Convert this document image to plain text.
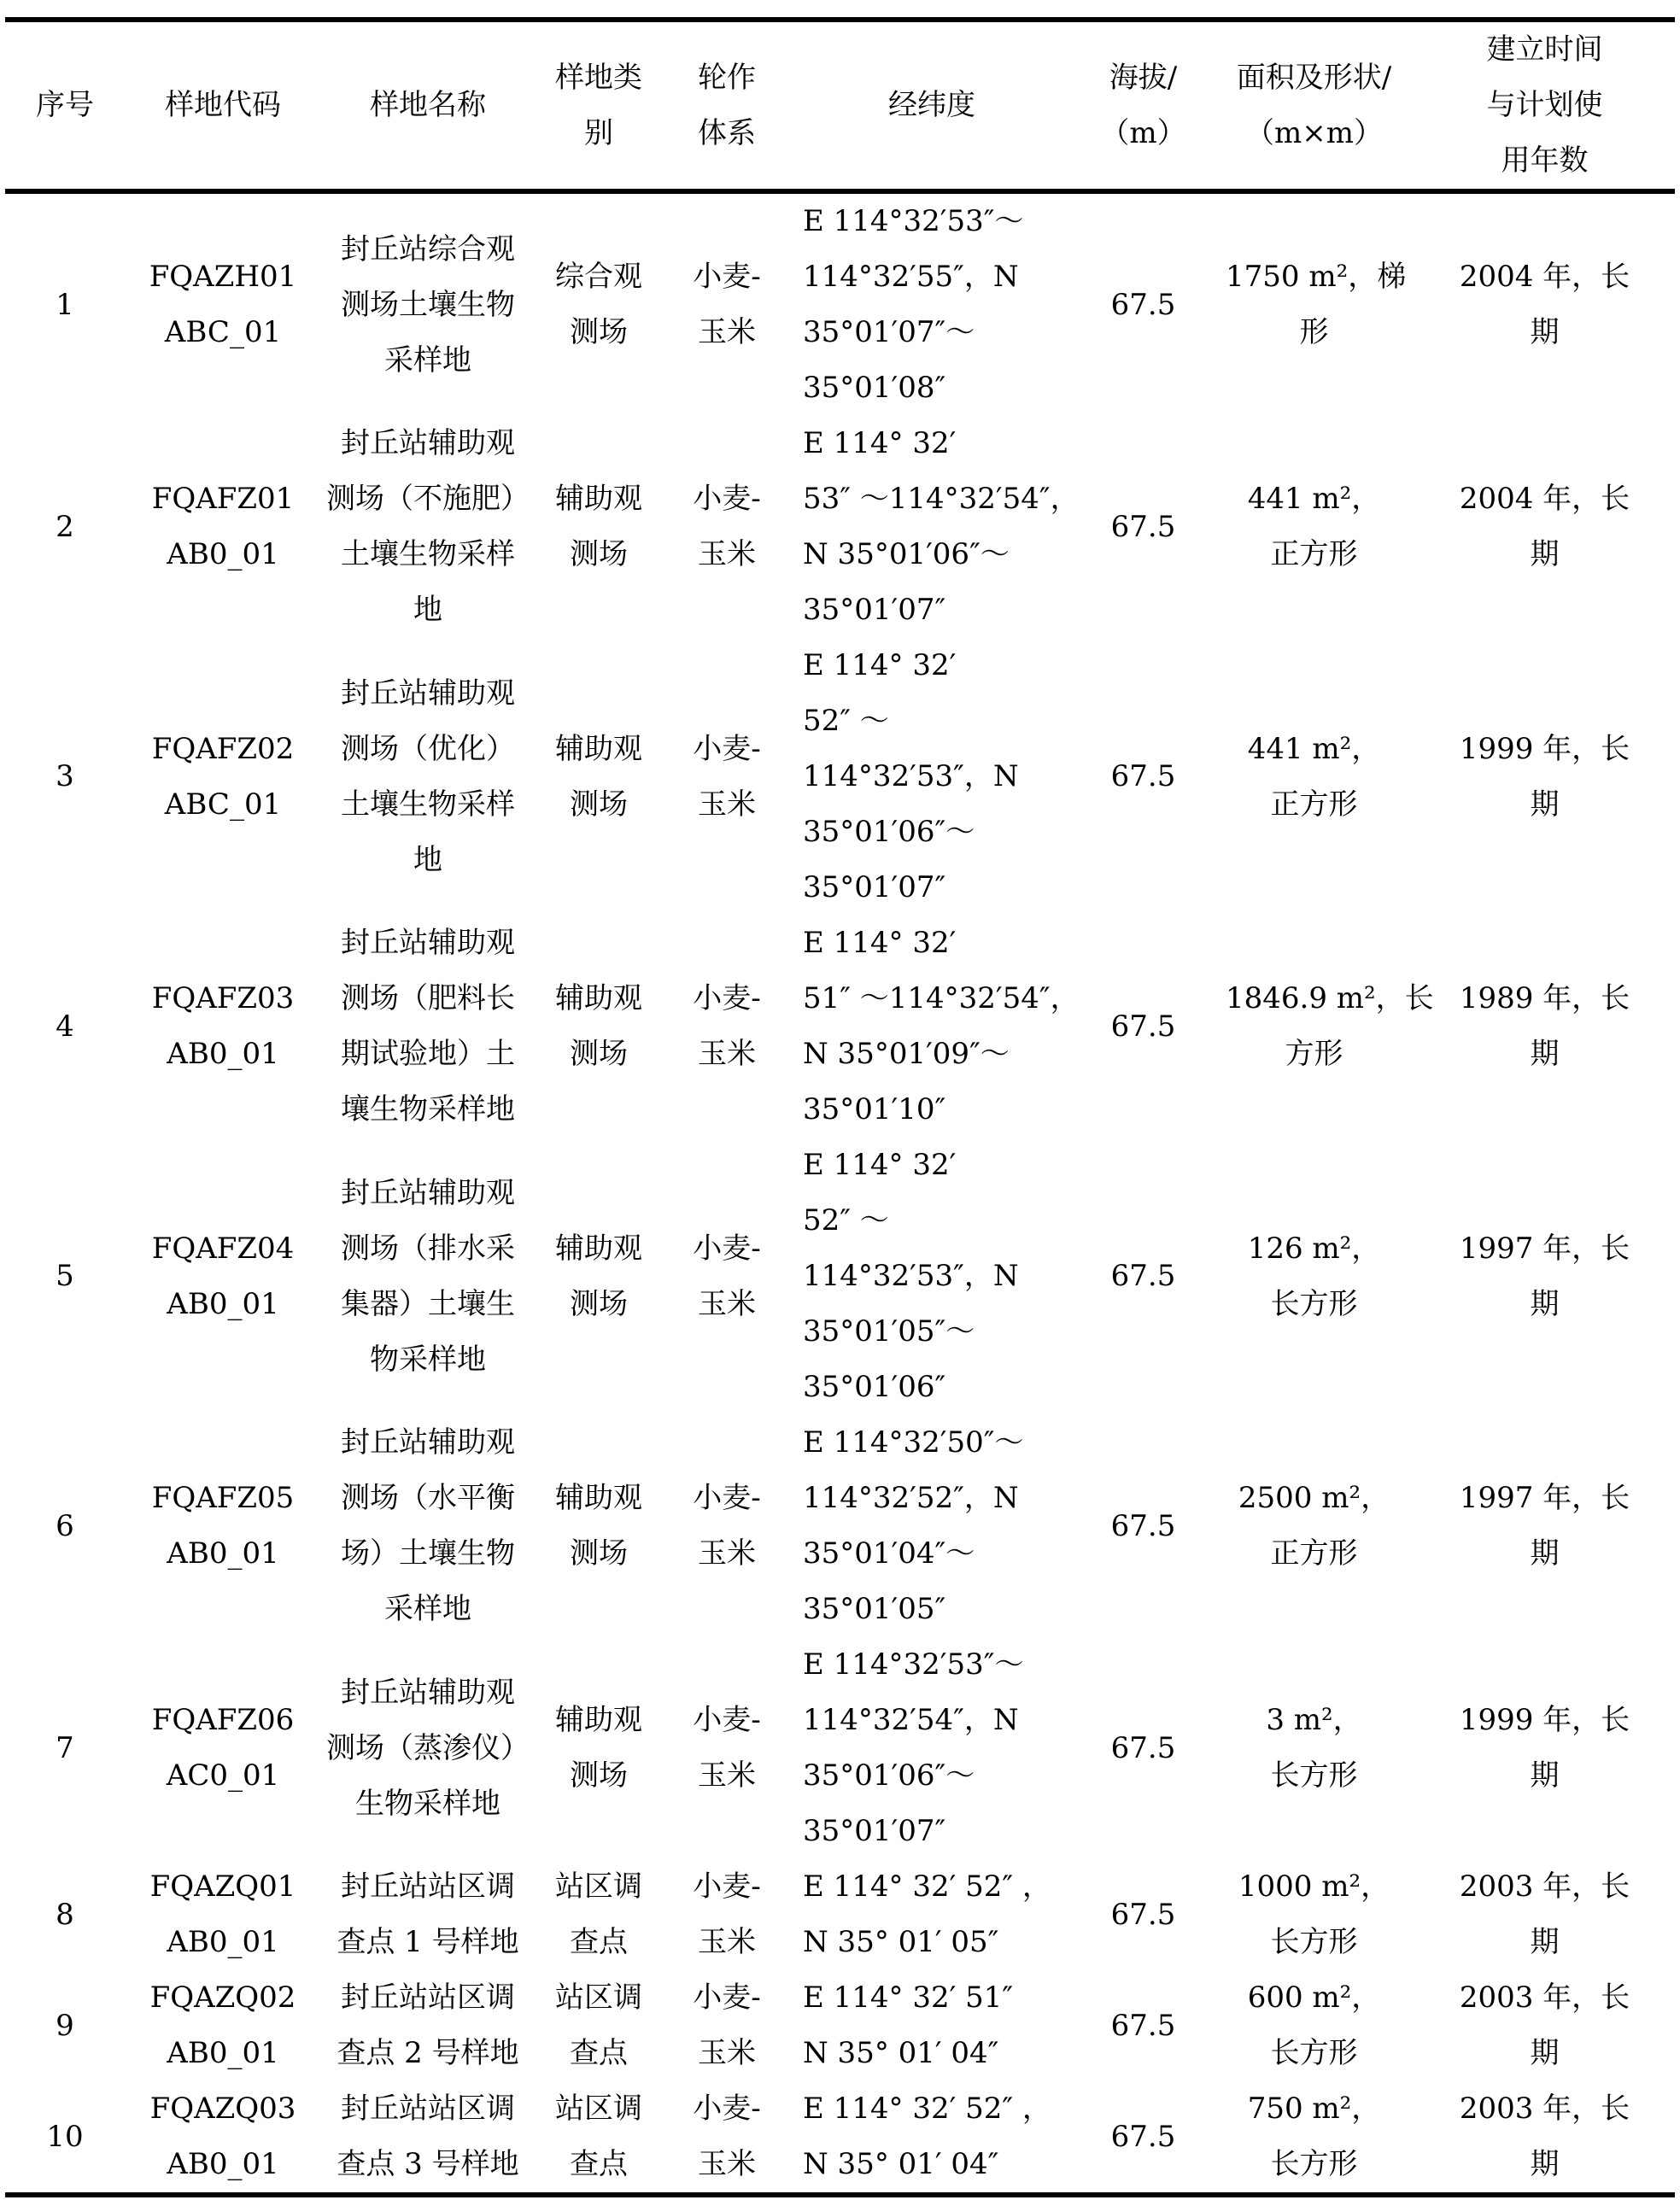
序号	样地代码	样地名称	样地类
别	轮作
体系	经纬度	海拔/
（m）	面积及形状/
（m×m）	建立时间
与计划使
用年数

1	FQAZH01
ABC_01	封丘站综合观
测场土壤生物
采样地	综合观
测场	小麦-
玉米	E 114°32′53″～
114°32′55″，N
35°01′07″～
35°01′08″	67.5	1750 m²，梯
形	2004 年，长
期

2	FQAFZ01
AB0_01	封丘站辅助观
测场（不施肥）
土壤生物采样
地	辅助观
测场	小麦-
玉米	E 114° 32′
53″ ～114°32′54″，
N 35°01′06″～
35°01′07″	67.5	441 m²，
正方形	2004 年，长
期

3	FQAFZ02
ABC_01	封丘站辅助观
测场（优化）
土壤生物采样
地	辅助观
测场	小麦-
玉米	E 114° 32′
52″ ～
114°32′53″，N
35°01′06″～
35°01′07″	67.5	441 m²，
正方形	1999 年，长
期

4	FQAFZ03
AB0_01	封丘站辅助观
测场（肥料长
期试验地）土
壤生物采样地	辅助观
测场	小麦-
玉米	E 114° 32′
51″ ～114°32′54″，
N 35°01′09″～
35°01′10″	67.5	1846.9 m²，长
方形	1989 年，长
期

5	FQAFZ04
AB0_01	封丘站辅助观
测场（排水采
集器）土壤生
物采样地	辅助观
测场	小麦-
玉米	E 114° 32′
52″ ～
114°32′53″，N
35°01′05″～
35°01′06″	67.5	126 m²，
长方形	1997 年，长
期

6	FQAFZ05
AB0_01	封丘站辅助观
测场（水平衡
场）土壤生物
采样地	辅助观
测场	小麦-
玉米	E 114°32′50″～
114°32′52″，N
35°01′04″～
35°01′05″	67.5	2500 m²，
正方形	1997 年，长
期

7	FQAFZ06
AC0_01	封丘站辅助观
测场（蒸渗仪）
生物采样地	辅助观
测场	小麦-
玉米	E 114°32′53″～
114°32′54″，N
35°01′06″～
35°01′07″	67.5	3 m²，
长方形	1999 年，长
期

8	FQAZQ01
AB0_01	封丘站站区调
查点 1 号样地	站区调
查点	小麦-
玉米	E 114° 32′ 52″ ，
N 35° 01′ 05″	67.5	1000 m²，
长方形	2003 年，长
期

9	FQAZQ02
AB0_01	封丘站站区调
查点 2 号样地	站区调
查点	小麦-
玉米	E 114° 32′ 51″
N 35° 01′ 04″	67.5	600 m²，
长方形	2003 年，长
期

10	FQAZQ03
AB0_01	封丘站站区调
查点 3 号样地	站区调
查点	小麦-
玉米	E 114° 32′ 52″ ，
N 35° 01′ 04″	67.5	750 m²，
长方形	2003 年，长
期
